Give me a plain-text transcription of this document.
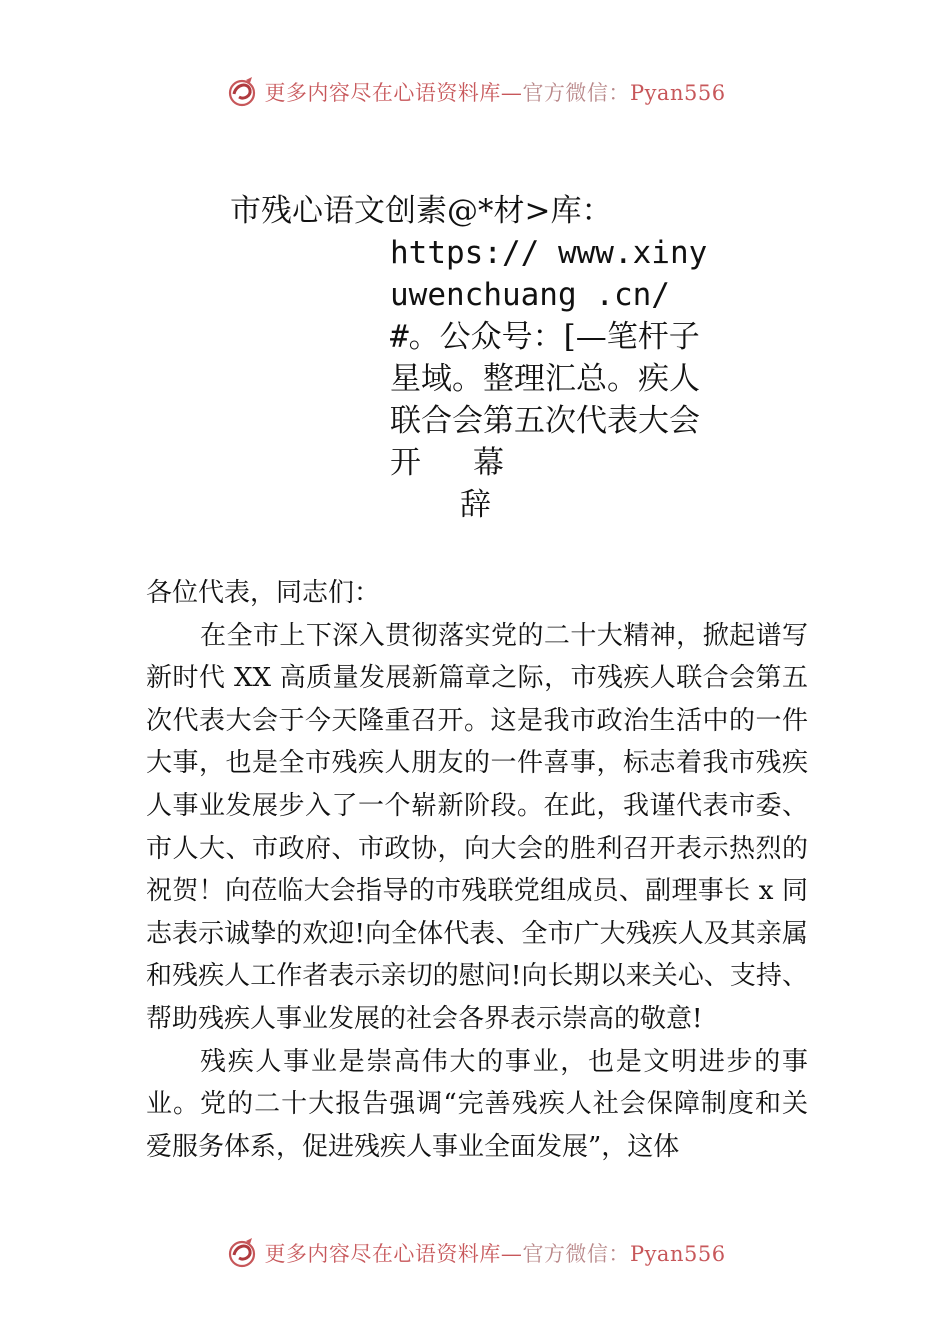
更多内容尽在心语资料库—官方微信：Pyan556
市残心语文创素@*材>库：
https:// www.xinyuwenchuang .cn/#。公众号：[—笔杆子星域。整理汇总。疾人联合会第五次代表大会开 幕
辞

各位代表，同志们：

在全市上下深入贯彻落实党的二十大精神，掀起谱写新时代 XX 高质量发展新篇章之际，市残疾人联合会第五次代表大会于今天隆重召开。这是我市政治生活中的一件大事，也是全市残疾人朋友的一件喜事，标志着我市残疾人事业发展步入了一个崭新阶段。在此，我谨代表市委、市人大、市政府、市政协，向大会的胜利召开表示热烈的祝贺！向莅临大会指导的市残联党组成员、副理事长 x 同志表示诚挚的欢迎!向全体代表、全市广大残疾人及其亲属和残疾人工作者表示亲切的慰问!向长期以来关心、支持、帮助残疾人事业发展的社会各界表示崇高的敬意!

残疾人事业是崇高伟大的事业，也是文明进步的事业。党的二十大报告强调“完善残疾人社会保障制度和关爱服务体系，促进残疾人事业全面发展”，这体

更多内容尽在心语资料库—官方微信：Pyan556
